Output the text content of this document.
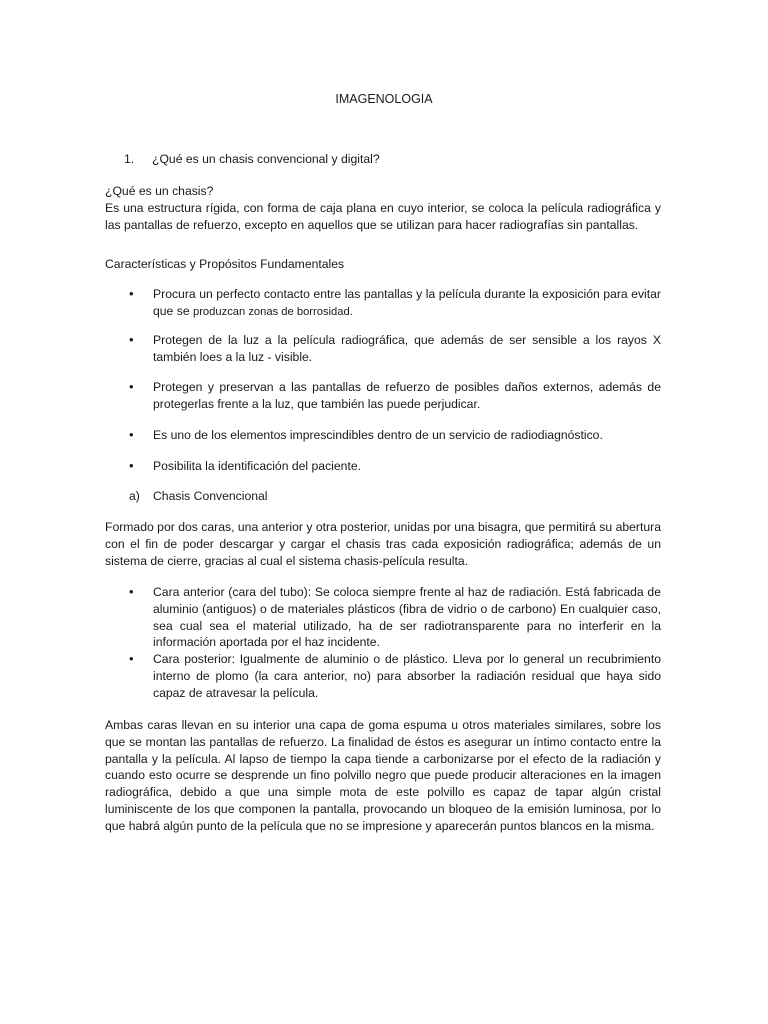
IMAGENOLOGIA
1. ¿Qué es un chasis convencional y digital?

¿Qué es un chasis?

Es una estructura rígida, con forma de caja plana en cuyo interior, se coloca la película radiográfica y las pantallas de refuerzo, excepto en aquellos que se utilizan para hacer radiografías sin pantallas.

Características y Propósitos Fundamentales
• Procura un perfecto contacto entre las pantallas y la película durante la exposición para evitar que se produzcan zonas de borrosidad.
• Protegen de la luz a la película radiográfica, que además de ser sensible a los rayos X también loes a la luz - visible.
• Protegen y preservan a las pantallas de refuerzo de posibles daños externos, además de protegerlas frente a la luz, que también las puede perjudicar.
• Es uno de los elementos imprescindibles dentro de un servicio de radiodiagnóstico.
• Posibilita la identificación del paciente.
a) Chasis Convencional
Formado por dos caras, una anterior y otra posterior, unidas por una bisagra, que permitirá su abertura con el fin de poder descargar y cargar el chasis tras cada exposición radiográfica; además de un sistema de cierre, gracias al cual el sistema chasis-película resulta.
• Cara anterior (cara del tubo): Se coloca siempre frente al haz de radiación. Está fabricada de aluminio (antiguos) o de materiales plásticos (fibra de vidrio o de carbono) En cualquier caso, sea cual sea el material utilizado, ha de ser radiotransparente para no interferir en la información aportada por el haz incidente.
• Cara posterior: Igualmente de aluminio o de plástico. Lleva por lo general un recubrimiento interno de plomo (la cara anterior, no) para absorber la radiación residual que haya sido capaz de atravesar la película.
Ambas caras llevan en su interior una capa de goma espuma u otros materiales similares, sobre los que se montan las pantallas de refuerzo. La finalidad de éstos es asegurar un íntimo contacto entre la pantalla y la película. Al lapso de tiempo la capa tiende a carbonizarse por el efecto de la radiación y cuando esto ocurre se desprende un fino polvillo negro que puede producir alteraciones en la imagen radiográfica, debido a que una simple mota de este polvillo es capaz de tapar algún cristal luminiscente de los que componen la pantalla, provocando un bloqueo de la emisión luminosa, por lo que habrá algún punto de la película que no se impresione y aparecerán puntos blancos en la misma.
